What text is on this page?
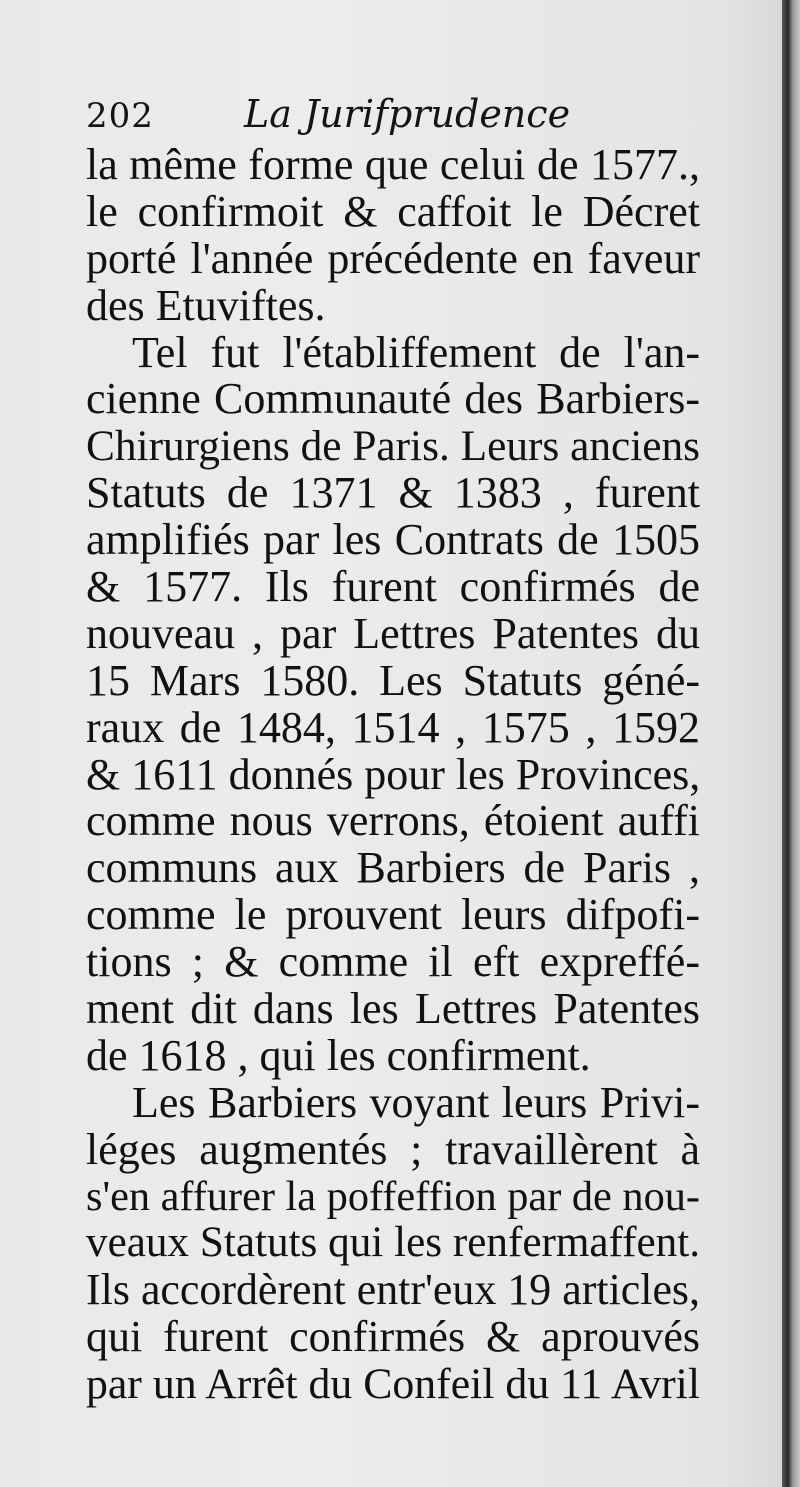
202 La Jurifprudence
la même forme que celui de 1577.,
le confirmoit & caffoit le Décret
porté l'année précédente en faveur
des Etuviftes.
Tel fut l'établiffement de l'an-
cienne Communauté des Barbiers-
Chirurgiens de Paris. Leurs anciens
Statuts de 1371 & 1383 , furent
amplifiés par les Contrats de 1505
& 1577. Ils furent confirmés de
nouveau , par Lettres Patentes du
15 Mars 1580. Les Statuts géné-
raux de 1484, 1514 , 1575 , 1592
& 1611 donnés pour les Provinces,
comme nous verrons, étoient auffi
communs aux Barbiers de Paris ,
comme le prouvent leurs difpofi-
tions ; & comme il eft expreffé-
ment dit dans les Lettres Patentes
de 1618 , qui les confirment.
Les Barbiers voyant leurs Privi-
léges augmentés ; travaillèrent à
s'en affurer la poffeffion par de nou-
veaux Statuts qui les renfermaffent.
Ils accordèrent entr'eux 19 articles,
qui furent confirmés & aprouvés
par un Arrêt du Confeil du 11 Avril
